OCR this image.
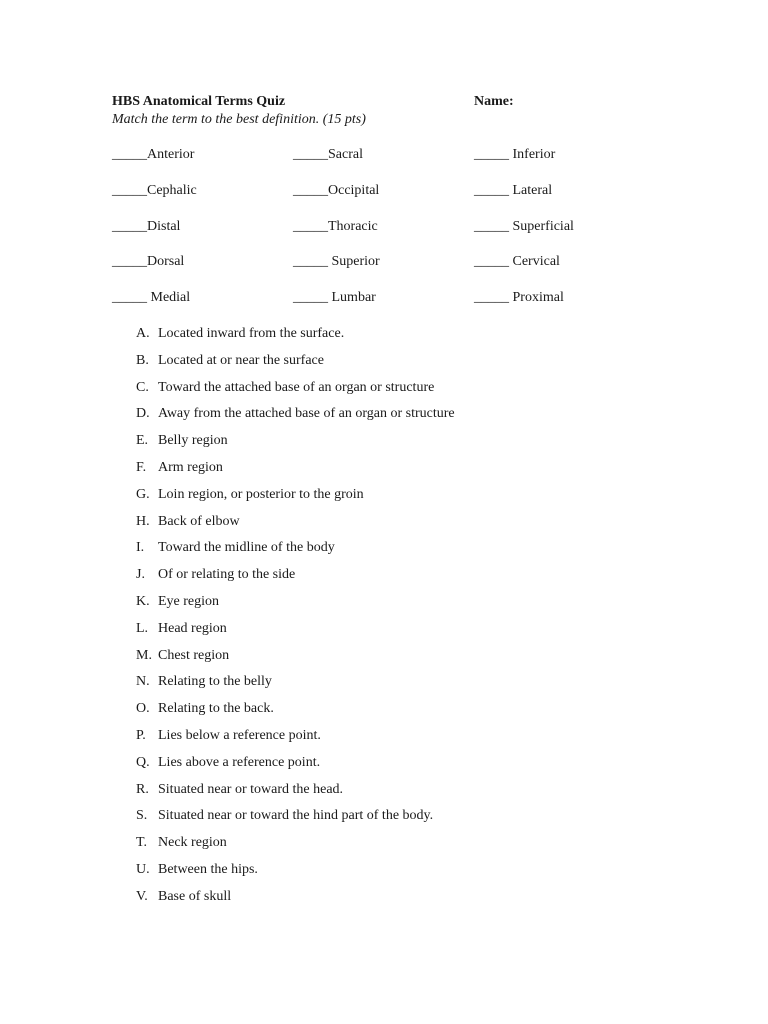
HBS Anatomical Terms Quiz	Name:
Match the term to the best definition. (15 pts)
_____Anterior	_____Sacral	_____ Inferior
_____Cephalic	_____Occipital	_____ Lateral
_____Distal	_____Thoracic	_____ Superficial
_____Dorsal	_____ Superior	_____ Cervical
_____ Medial	_____ Lumbar	_____ Proximal
A. Located inward from the surface.
B. Located at or near the surface
C. Toward the attached base of an organ or structure
D. Away from the attached base of an organ or structure
E. Belly region
F. Arm region
G. Loin region, or posterior to the groin
H. Back of elbow
I. Toward the midline of the body
J. Of or relating to the side
K. Eye region
L. Head region
M. Chest region
N. Relating to the belly
O. Relating to the back.
P. Lies below a reference point.
Q. Lies above a reference point.
R. Situated near or toward the head.
S. Situated near or toward the hind part of the body.
T. Neck region
U. Between the hips.
V. Base of skull
